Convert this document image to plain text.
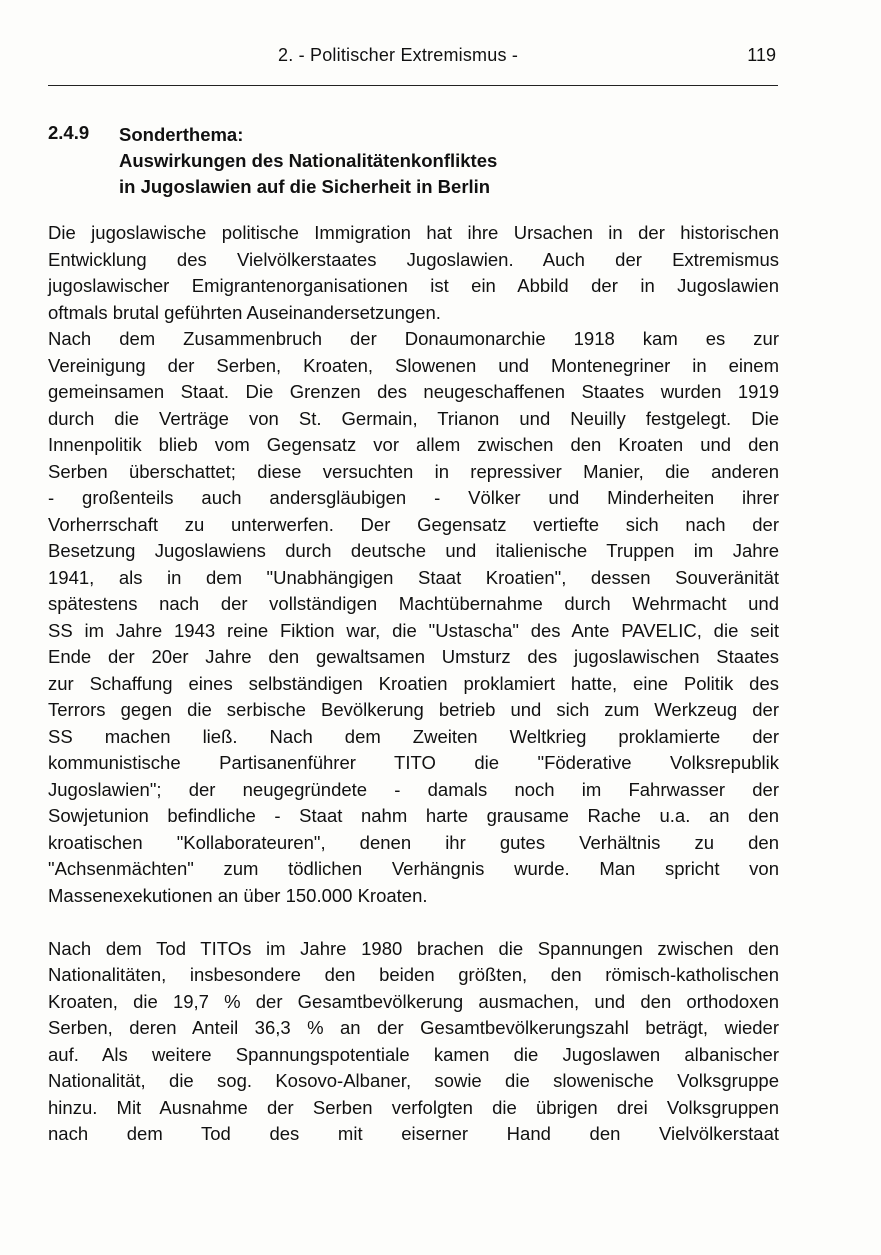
2. - Politischer Extremismus -	119
2.4.9 Sonderthema:
Auswirkungen des Nationalitätenkonfliktes
in Jugoslawien auf die Sicherheit in Berlin
Die jugoslawische politische Immigration hat ihre Ursachen in der historischen
Entwicklung des Vielvölkerstaates Jugoslawien. Auch der Extremismus
jugoslawischer Emigrantenorganisationen ist ein Abbild der in Jugoslawien
oftmals brutal geführten Auseinandersetzungen.
Nach dem Zusammenbruch der Donaumonarchie 1918 kam es zur
Vereinigung der Serben, Kroaten, Slowenen und Montenegriner in einem
gemeinsamen Staat. Die Grenzen des neugeschaffenen Staates wurden 1919
durch die Verträge von St. Germain, Trianon und Neuilly festgelegt. Die
Innenpolitik blieb vom Gegensatz vor allem zwischen den Kroaten und den
Serben überschattet; diese versuchten in repressiver Manier, die anderen
- großenteils auch andersgläubigen - Völker und Minderheiten ihrer
Vorherrschaft zu unterwerfen. Der Gegensatz vertiefte sich nach der
Besetzung Jugoslawiens durch deutsche und italienische Truppen im Jahre
1941, als in dem "Unabhängigen Staat Kroatien", dessen Souveränität
spätestens nach der vollständigen Machtübernahme durch Wehrmacht und
SS im Jahre 1943 reine Fiktion war, die "Ustascha" des Ante PAVELIC, die seit
Ende der 20er Jahre den gewaltsamen Umsturz des jugoslawischen Staates
zur Schaffung eines selbständigen Kroatien proklamiert hatte, eine Politik des
Terrors gegen die serbische Bevölkerung betrieb und sich zum Werkzeug der
SS machen ließ. Nach dem Zweiten Weltkrieg proklamierte der
kommunistische Partisanenführer TITO die "Föderative Volksrepublik
Jugoslawien"; der neugegründete - damals noch im Fahrwasser der
Sowjetunion befindliche - Staat nahm harte grausame Rache u.a. an den
kroatischen "Kollaborateuren", denen ihr gutes Verhältnis zu den
"Achsenmächten" zum tödlichen Verhängnis wurde. Man spricht von
Massenexekutionen an über 150.000 Kroaten.
Nach dem Tod TITOs im Jahre 1980 brachen die Spannungen zwischen den
Nationalitäten, insbesondere den beiden größten, den römisch-katholischen
Kroaten, die 19,7 % der Gesamtbevölkerung ausmachen, und den orthodoxen
Serben, deren Anteil 36,3 % an der Gesamtbevölkerungszahl beträgt, wieder
auf. Als weitere Spannungspotentiale kamen die Jugoslawen albanischer
Nationalität, die sog. Kosovo-Albaner, sowie die slowenische Volksgruppe
hinzu. Mit Ausnahme der Serben verfolgten die übrigen drei Volksgruppen
nach dem Tod des mit eiserner Hand den Vielvölkerstaat
